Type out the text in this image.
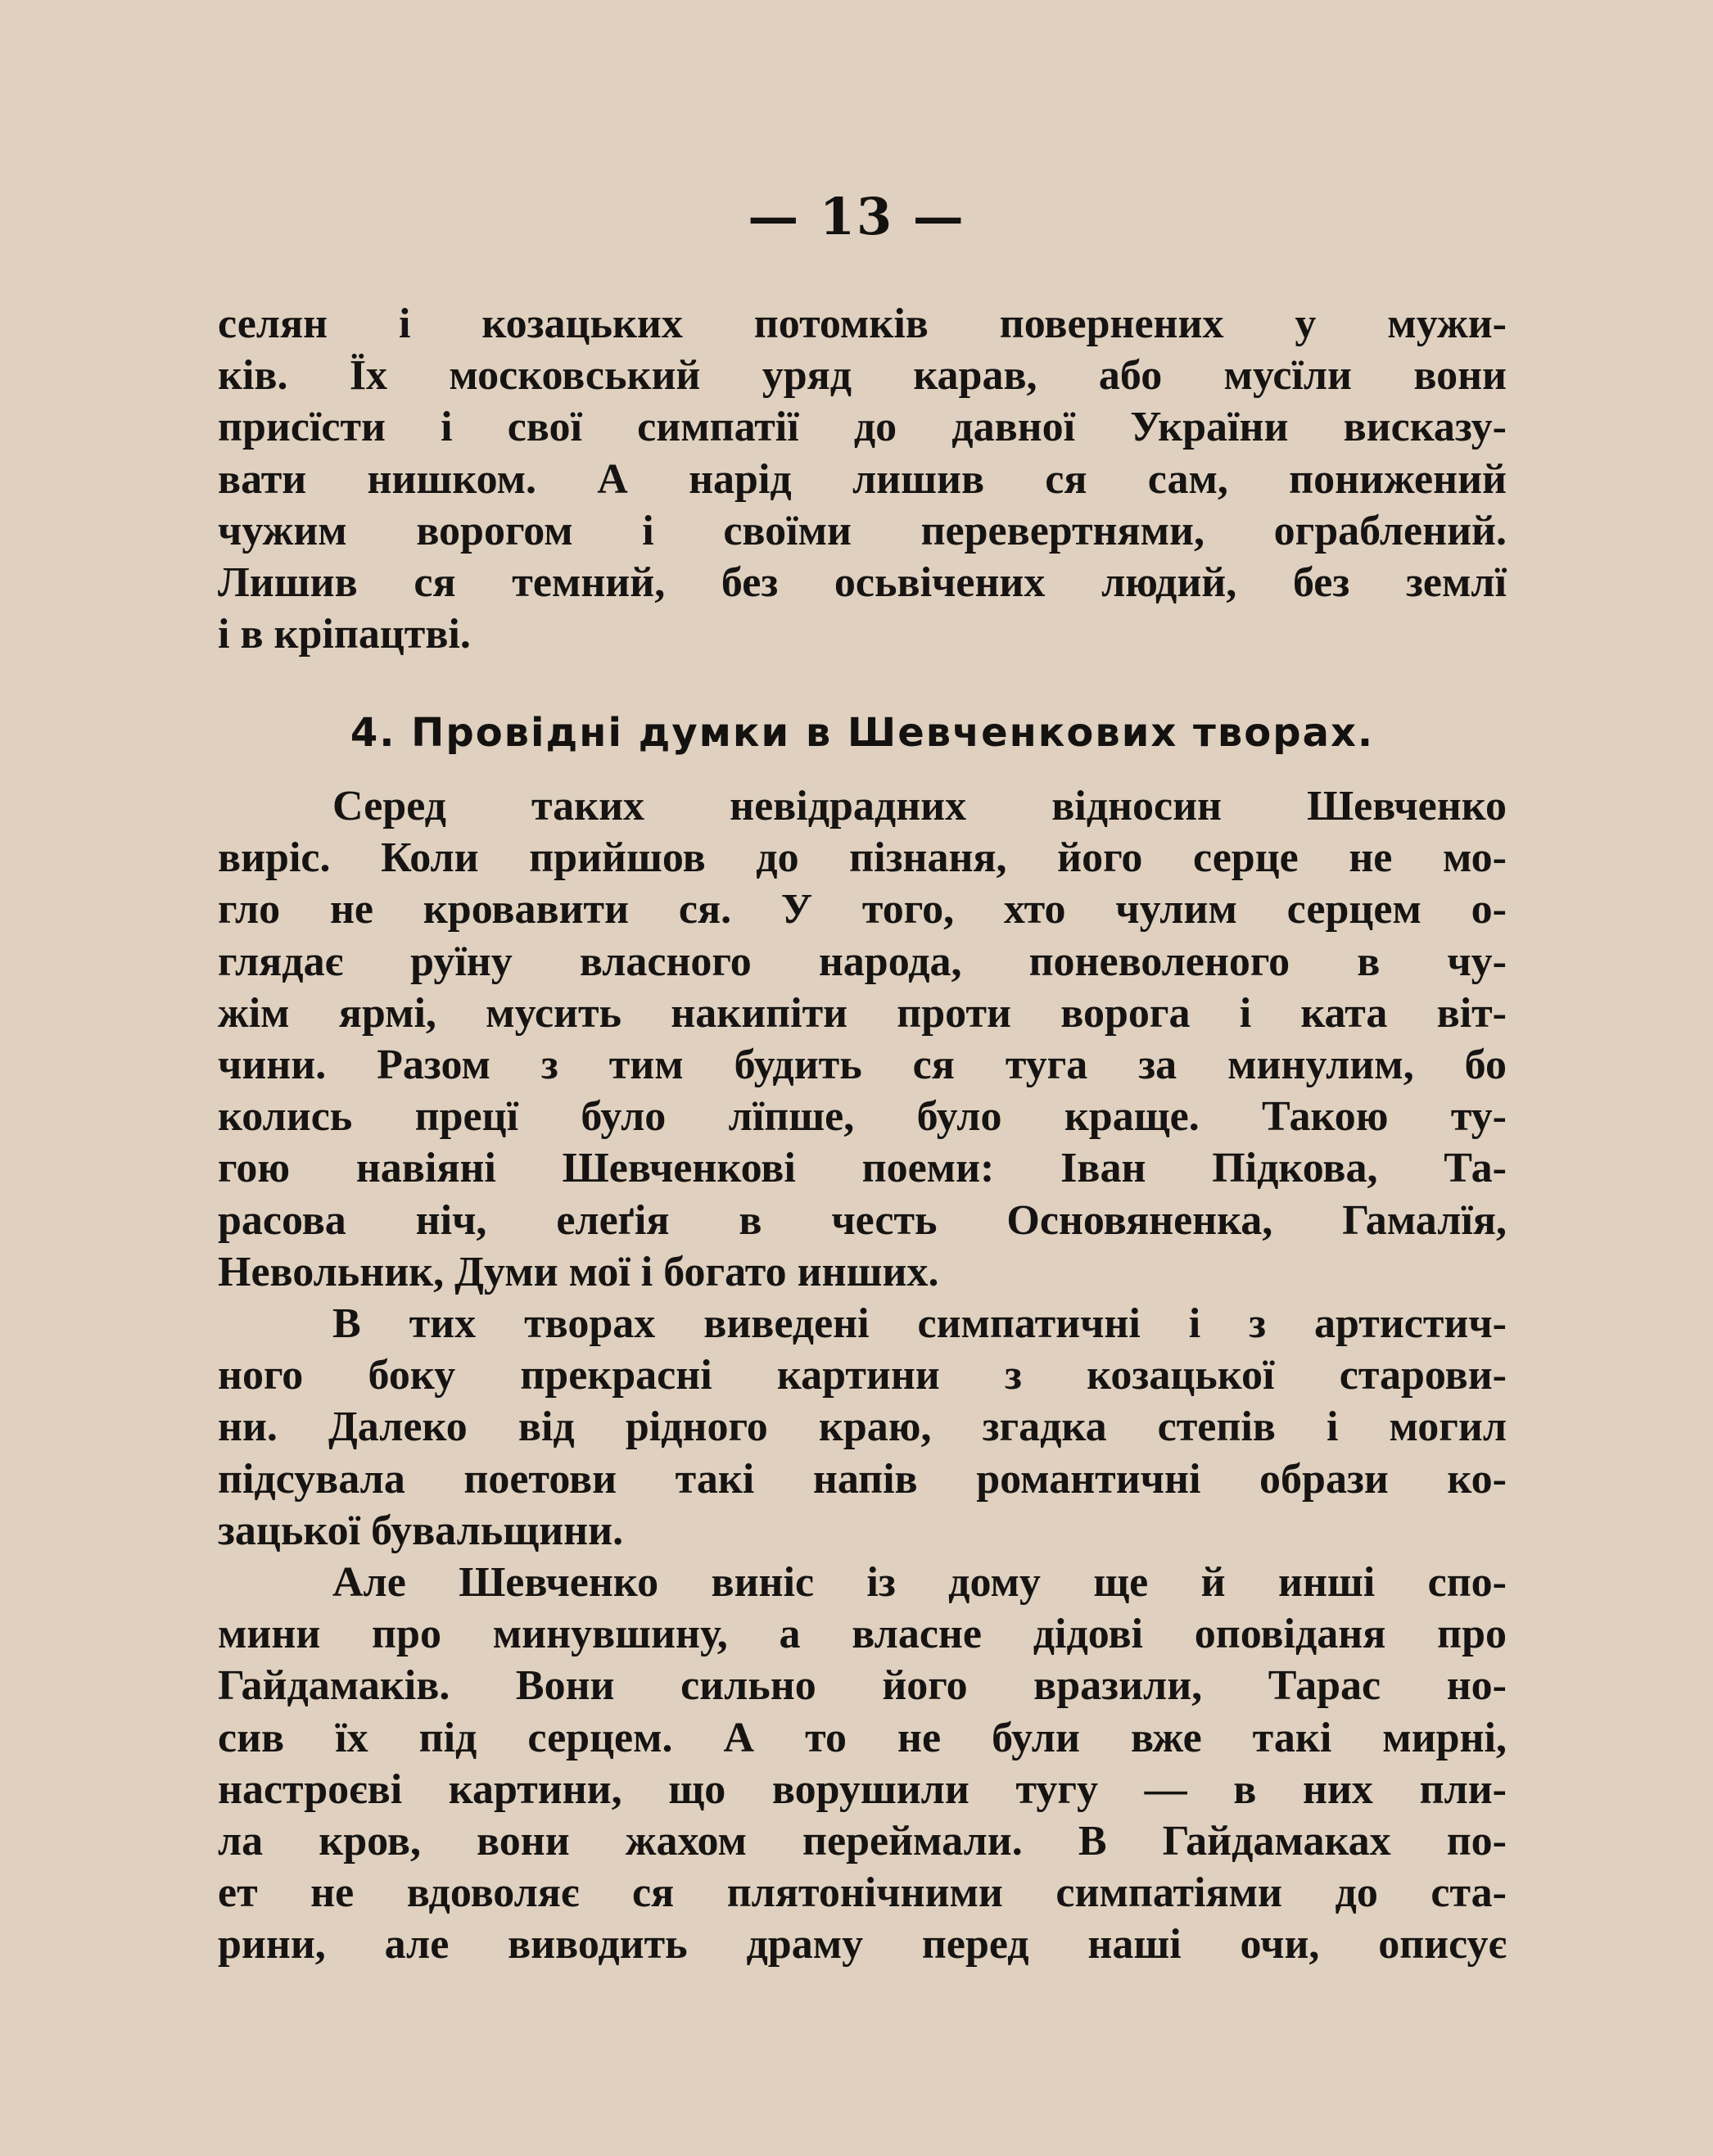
— 13 —
селян і козацьких потомків повернених у мужи-
ків. Їх московський уряд карав, або мусїли вони
присїсти і свої симпатії до давної України висказу-
вати нишком. А нарід лишив ся сам, понижений
чужим ворогом і своїми перевертнями, ограблений.
Лишив ся темний, без осьвічених людий, без землї
і в кріпацтві.
4. Провідні думки в Шевченкових творах.
Серед таких невідрадних відносин Шевченко
виріс. Коли прийшов до пізнаня, його серце не мо-
гло не кровавити ся. У того, хто чулим серцем о-
глядає руїну власного народа, поневоленого в чу-
жім ярмі, мусить накипіти проти ворога і ката віт-
чини. Разом з тим будить ся туга за минулим, бо
колись прецї було лїпше, було краще. Такою ту-
гою навіяні Шевченкові поеми: Іван Підкова, Та-
расова ніч, елеґія в честь Основяненка, Гамалїя,
Невольник, Думи мої і богато инших.
В тих творах виведені симпатичні і з артистич-
ного боку прекрасні картини з козацької старови-
ни. Далеко від рідного краю, згадка степів і могил
підсувала поетови такі напів романтичні образи ко-
зацької бувальщини.
Але Шевченко виніс із дому ще й инші спо-
мини про минувшину, а власне дідові оповіданя про
Гайдамаків. Вони сильно його вразили, Тарас но-
сив їх під серцем. А то не були вже такі мирні,
настроєві картини, що ворушили тугу — в них пли-
ла кров, вони жахом переймали. В Гайдамаках по-
ет не вдоволяє ся плятонічними симпатіями до ста-
рини, але виводить драму перед наші очи, описує
